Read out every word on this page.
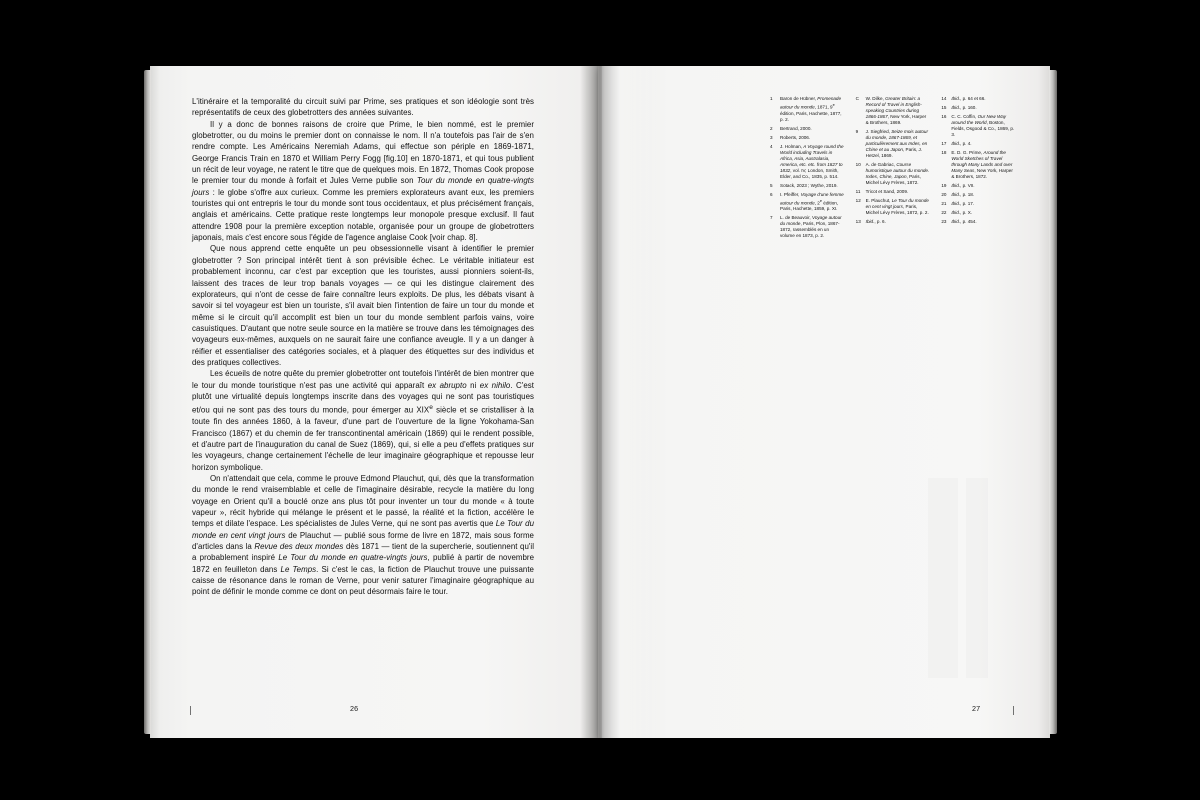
L'itinéraire et la temporalité du circuit suivi par Prime, ses pratiques et son idéologie sont très représentatifs de ceux des globetrotters des années suivantes.

Il y a donc de bonnes raisons de croire que Prime, le bien nommé, est le premier globetrotter, ou du moins le premier dont on connaisse le nom. Il n'a toutefois pas l'air de s'en rendre compte. Les Américains Neremiah Adams, qui effectue son périple en 1869-1871, George Francis Train en 1870 et William Perry Fogg [fig.10] en 1870-1871, et qui tous publient un récit de leur voyage, ne ratent le titre que de quelques mois. En 1872, Thomas Cook propose le premier tour du monde à forfait et Jules Verne publie son Tour du monde en quatre-vingts jours : le globe s'offre aux curieux. Comme les premiers explorateurs avant eux, les premiers touristes qui ont entrepris le tour du monde sont tous occidentaux, et plus précisément français, anglais et américains. Cette pratique reste longtemps leur monopole presque exclusif. Il faut attendre 1908 pour la première exception notable, organisée pour un groupe de globetrotters japonais, mais c'est encore sous l'égide de l'agence anglaise Cook [voir chap. 8].

Que nous apprend cette enquête un peu obsessionnelle visant à identifier le premier globetrotter ? Son principal intérêt tient à son prévisible échec. Le véritable initiateur est probablement inconnu, car c'est par exception que les touristes, aussi pionniers soient-ils, laissent des traces de leur trop banals voyages — ce qui les distingue clairement des explorateurs, qui n'ont de cesse de faire connaître leurs exploits. De plus, les débats visant à savoir si tel voyageur est bien un touriste, s'il avait bien l'intention de faire un tour du monde et même si le circuit qu'il accomplit est bien un tour du monde semblent parfois vains, voire casuistiques. D'autant que notre seule source en la matière se trouve dans les témoignages des voyageurs eux-mêmes, auxquels on ne saurait faire une confiance aveugle. Il y a un danger à réifier et essentialiser des catégories sociales, et à plaquer des étiquettes sur des individus et des pratiques collectives.

Les écueils de notre quête du premier globetrotter ont toutefois l'intérêt de bien montrer que le tour du monde touristique n'est pas une activité qui apparaît ex abrupto ni ex nihilo. C'est plutôt une virtualité depuis longtemps inscrite dans des voyages qui ne sont pas touristiques et/ou qui ne sont pas des tours du monde, pour émerger au XIXe siècle et se cristalliser à la toute fin des années 1860, à la faveur, d'une part de l'ouverture de la ligne Yokohama-San Francisco (1867) et du chemin de fer transcontinental américain (1869) qui le rendent possible, et d'autre part de l'inauguration du canal de Suez (1869), qui, si elle a peu d'effets pratiques sur les voyageurs, change certainement l'échelle de leur imaginaire géographique et repousse leur horizon symbolique.

On n'attendait que cela, comme le prouve Edmond Plauchut, qui, dès que la transformation du monde le rend vraisemblable et celle de l'imaginaire désirable, recycle la matière du long voyage en Orient qu'il a bouclé onze ans plus tôt pour inventer un tour du monde « à toute vapeur », récit hybride qui mélange le présent et le passé, la réalité et la fiction, accélère le temps et dilate l'espace. Les spécialistes de Jules Verne, qui ne sont pas avertis que Le Tour du monde en cent vingt jours de Plauchut — publié sous forme de livre en 1872, mais sous forme d'articles dans la Revue des deux mondes dès 1871 — tient de la supercherie, soutiennent qu'il a probablement inspiré Le Tour du monde en quatre-vingts jours, publié à partir de novembre 1872 en feuilleton dans Le Temps. Si c'est le cas, la fiction de Plauchut trouve une puissante caisse de résonance dans le roman de Verne, pour venir saturer l'imaginaire géographique au point de définir le monde comme ce dont on peut désormais faire le tour.

26
1	Baron de Hübner, Promenade autour du monde, 1871, 9e édition, Paris, Hachette, 1877, p. 2.
2	Bertrand, 2000.
3	Roberts, 2006.
4	J. Holman, A Voyage round the World including Travels in Africa, Asia, Australasia, America, etc. etc. from 1827 to 1832, vol. IV, London, Smith, Elder, and Co., 1835, p. 514.
5	Sotack, 2023 ; Wythe, 2019.
6	I. Pfeiffer, Voyage d'une femme autour du monde, 2e édition, Paris, Hachette, 1859, p. XI.
7	L. de Beauvoir, Voyage autour du monde, Paris, Plon, 1867-1872, rassemblés en un volume en 1873, p. 2.
C	W. Dilke, Greater Britain: a Record of Travel in English-speaking Countries during 1866-1867, New York, Harper & Brothers, 1869.
9	J. Siegfried, Seize mois autour du monde, 1867-1869, et particulièrement aux Indes, en Chine et au Japon, Paris, J. Hetzel, 1869.
10	A. de Gabriac, Course humoristique autour du monde. Indes, Chine, Japon, Paris, Michel Lévy Frères, 1872.
11	Tricot et Sand, 2009.
12	E. Plauchut, Le Tour du monde en cent vingt jours, Paris, Michel Lévy Frères, 1872, p. 2.
13	Ibid., p. 6.
14	Ibid., p. 64 et 66.
15	Ibid., p. 160.
16	C. C. Coffin, Our New Way around the World, Boston, Fields, Osgood & Co., 1869, p. 3.
17	Ibid., p. 4.
18	E. D. G. Prime, Around the World Sketches of Travel through Many Lands and over Many Seas, New York, Harper & Brothers, 1872.
19	Ibid., p. VII.
20	Ibid., p. 18.
21	Ibid., p. 17.
22	Ibid., p. X.
23	Ibid., p. 454.
27
